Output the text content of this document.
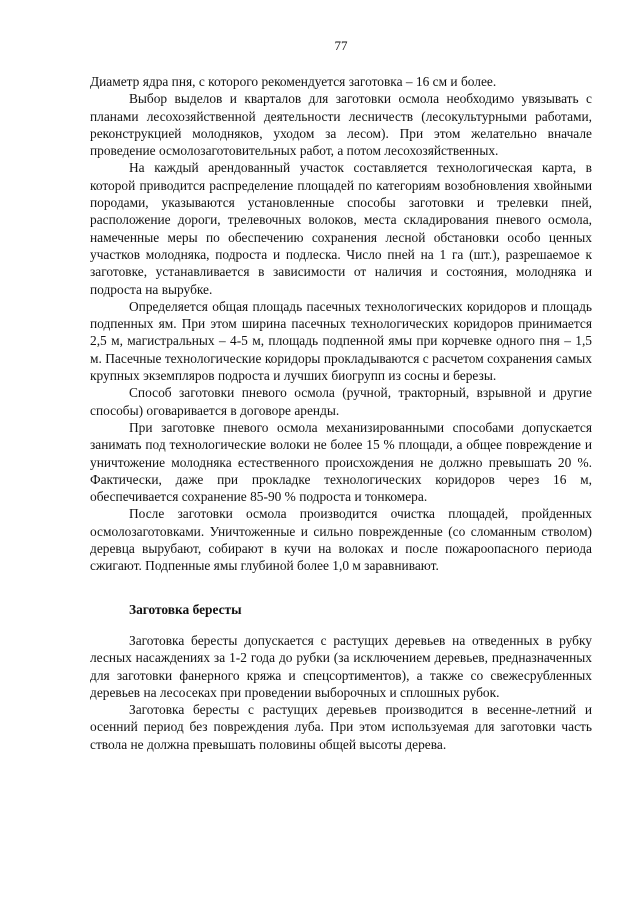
77

Диаметр ядра пня, с которого рекомендуется заготовка – 16 см и более.

Выбор выделов и кварталов для заготовки осмола необходимо увязывать с планами лесохозяйственной деятельности лесничеств (лесокультурными работами, реконструкцией молодняков, уходом за лесом). При этом желательно вначале проведение осмолозаготовительных работ, а потом лесохозяйственных.

На каждый арендованный участок составляется технологическая карта, в которой приводится распределение площадей по категориям возобновления хвойными породами, указываются установленные способы заготовки и трелевки пней, расположение дороги, трелевочных волоков, места складирования пневого осмола, намеченные меры по обеспечению сохранения лесной обстановки особо ценных участков молодняка, подроста и подлеска. Число пней на 1 га (шт.), разрешаемое к заготовке, устанавливается в зависимости от наличия и состояния, молодняка и подроста на вырубке.

Определяется общая площадь пасечных технологических коридоров и площадь подпенных ям. При этом ширина пасечных технологических коридоров принимается 2,5 м, магистральных – 4-5 м, площадь подпенной ямы при корчевке одного пня – 1,5 м. Пасечные технологические коридоры прокладываются с расчетом сохранения самых крупных экземпляров подроста и лучших биогрупп из сосны и березы.

Способ заготовки пневого осмола (ручной, тракторный, взрывной и другие способы) оговаривается в договоре аренды.

При заготовке пневого осмола механизированными способами допускается занимать под технологические волоки не более 15 % площади, а общее повреждение и уничтожение молодняка естественного происхождения не должно превышать 20 %. Фактически, даже при прокладке технологических коридоров через 16 м, обеспечивается сохранение 85-90 % подроста и тонкомера.

После заготовки осмола производится очистка площадей, пройденных осмолозаготовками. Уничтоженные и сильно поврежденные (со сломанным стволом) деревца вырубают, собирают в кучи на волоках и после пожароопасного периода сжигают. Подпенные ямы глубиной более 1,0 м заравнивают.

Заготовка бересты

Заготовка бересты допускается с растущих деревьев на отведенных в рубку лесных насаждениях за 1-2 года до рубки (за исключением деревьев, предназначенных для заготовки фанерного кряжа и спецсортиментов), а также со свежесрубленных деревьев на лесосеках при проведении выборочных и сплошных рубок.

Заготовка бересты с растущих деревьев производится в весенне-летний и осенний период без повреждения луба. При этом используемая для заготовки часть ствола не должна превышать половины общей высоты дерева.
